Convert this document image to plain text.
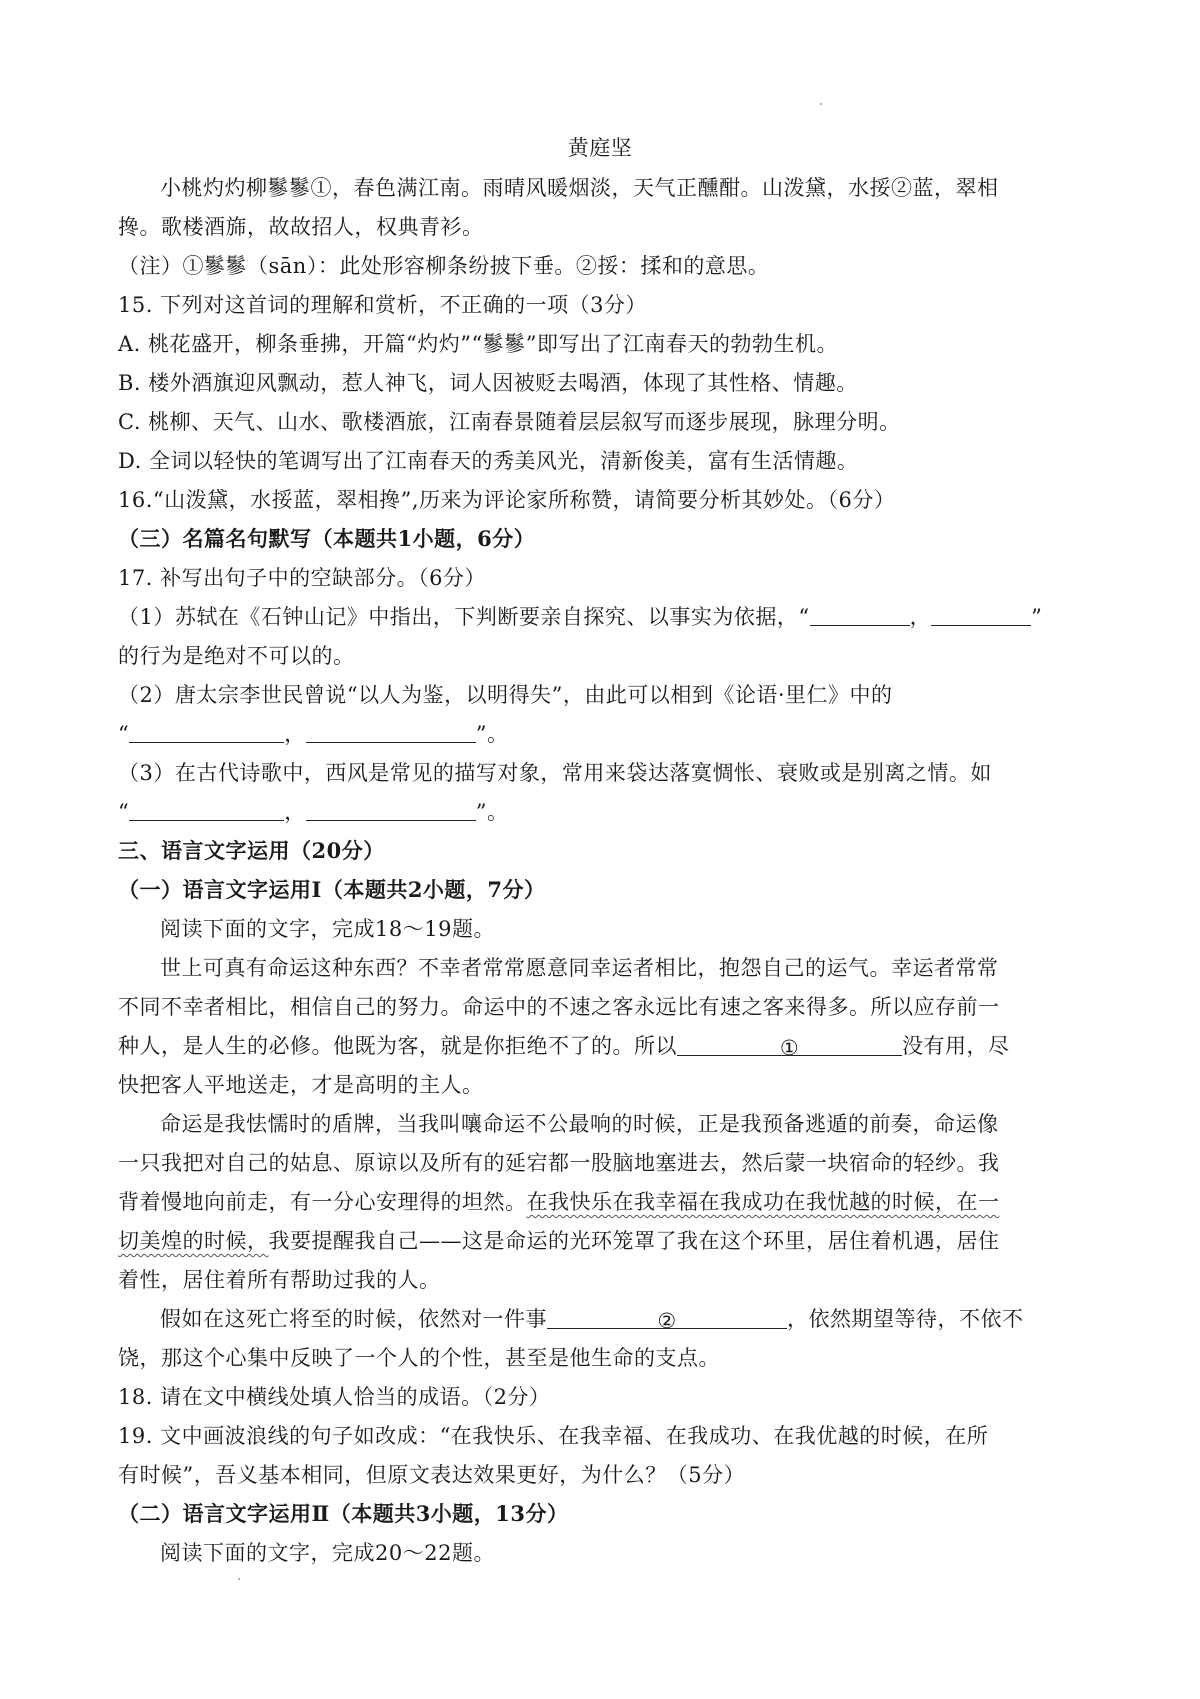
黄庭坚
小桃灼灼柳鬖鬖①，春色满江南。雨晴风暖烟淡，天气正醺酣。山泼黛，水挼②蓝，翠相
搀。歌楼酒旆，故故招人，权典青衫。
（注）①鬖鬖（sān）：此处形容柳条纷披下垂。②挼：揉和的意思。
15. 下列对这首词的理解和赏析，不正确的一项（3分）
A. 桃花盛开，柳条垂拂，开篇“灼灼”“鬖鬖”即写出了江南春天的勃勃生机。
B. 楼外酒旗迎风飘动，惹人神飞，词人因被贬去喝酒，体现了其性格、情趣。
C. 桃柳、天气、山水、歌楼酒旅，江南春景随着层层叙写而逐步展现，脉理分明。
D. 全词以轻快的笔调写出了江南春天的秀美风光，清新俊美，富有生活情趣。
16.“山泼黛，水挼蓝，翠相搀”,历来为评论家所称赞，请简要分析其妙处。（6分）
（三）名篇名句默写（本题共1小题，6分）
17. 补写出句子中的空缺部分。（6分）
（1）苏轼在《石钟山记》中指出，下判断要亲自探究、以事实为依据，“	，	”
的行为是绝对不可以的。
（2）唐太宗李世民曾说“以人为鉴，以明得失”，由此可以相到《论语·里仁》中的
“	，	”。
（3）在古代诗歌中，西风是常见的描写对象，常用来袋达落寞惆怅、衰败或是别离之情。如
“	，	”。
三、语言文字运用（20分）
（一）语言文字运用Ⅰ（本题共2小题，7分）
阅读下面的文字，完成18～19题。
世上可真有命运这种东西？不幸者常常愿意同幸运者相比，抱怨自己的运气。幸运者常常
不同不幸者相比，相信自己的努力。命运中的不速之客永远比有速之客来得多。所以应存前一
种人，是人生的必修。他既为客，就是你拒绝不了的。所以	①	没有用，尽
快把客人平地送走，才是高明的主人。
命运是我怯懦时的盾牌，当我叫嚷命运不公最响的时候，正是我预备逃遁的前奏，命运像
一只我把对自己的姑息、原谅以及所有的延宕都一股脑地塞进去，然后蒙一块宿命的轻纱。我
背着慢地向前走，有一分心安理得的坦然。在我快乐在我幸福在我成功在我忧越的时候，在一
切美煌的时候，我要提醒我自己——这是命运的光环笼罩了我在这个环里，居住着机遇，居住
着性，居住着所有帮助过我的人。
假如在这死亡将至的时候，依然对一件事	②	，依然期望等待，不依不
饶，那这个心集中反映了一个人的个性，甚至是他生命的支点。
18. 请在文中横线处填人恰当的成语。（2分）
19. 文中画波浪线的句子如改成：“在我快乐、在我幸福、在我成功、在我优越的时候，在所
有时候”，吾义基本相同，但原文表达效果更好，为什么？（5分）
（二）语言文字运用Ⅱ（本题共3小题，13分）
阅读下面的文字，完成20～22题。
